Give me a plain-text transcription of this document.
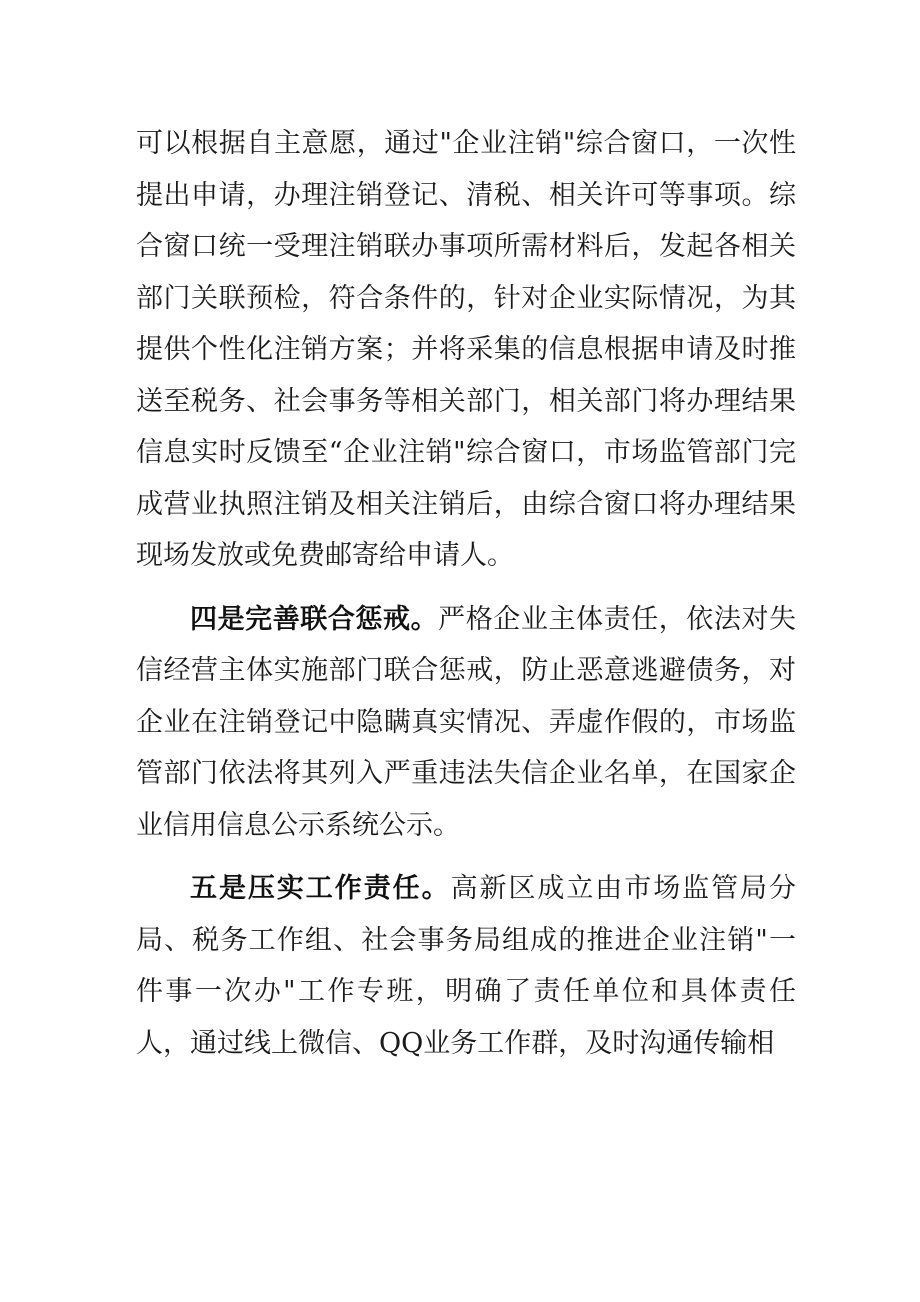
可以根据自主意愿，通过"企业注销"综合窗口，一次性提出申请，办理注销登记、清税、相关许可等事项。综合窗口统一受理注销联办事项所需材料后，发起各相关部门关联预检，符合条件的，针对企业实际情况，为其提供个性化注销方案；并将采集的信息根据申请及时推送至税务、社会事务等相关部门，相关部门将办理结果信息实时反馈至“企业注销"综合窗口，市场监管部门完成营业执照注销及相关注销后，由综合窗口将办理结果现场发放或免费邮寄给申请人。

四是完善联合惩戒。严格企业主体责任，依法对失信经营主体实施部门联合惩戒，防止恶意逃避债务，对企业在注销登记中隐瞒真实情况、弄虚作假的，市场监管部门依法将其列入严重违法失信企业名单，在国家企业信用信息公示系统公示。

五是压实工作责任。高新区成立由市场监管局分局、税务工作组、社会事务局组成的推进企业注销"一件事一次办"工作专班，明确了责任单位和具体责任人，通过线上微信、QQ业务工作群，及时沟通传输相
